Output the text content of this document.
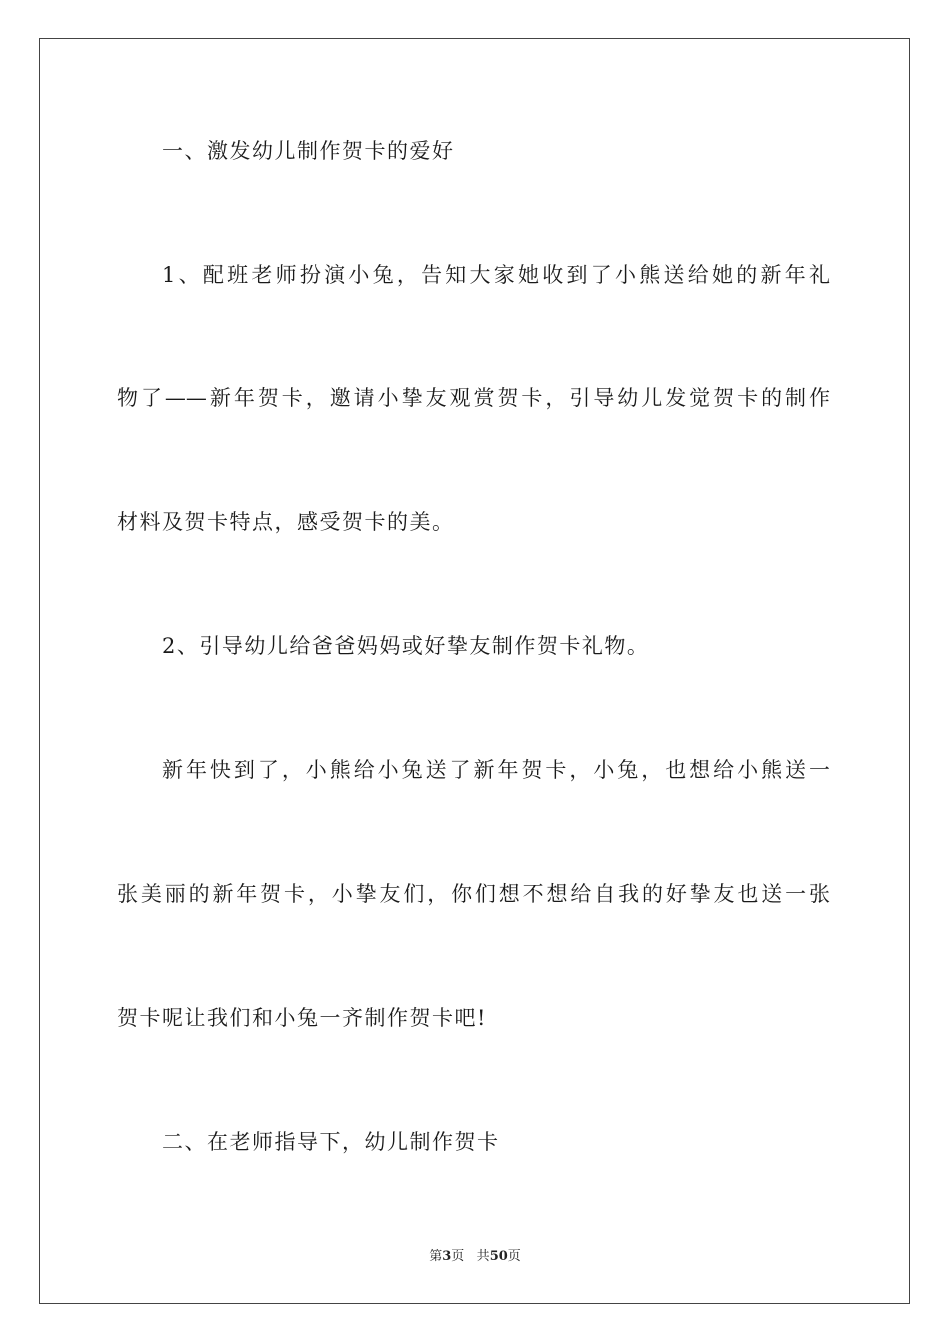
一、激发幼儿制作贺卡的爱好
1、配班老师扮演小兔，告知大家她收到了小熊送给她的新年礼
物了——新年贺卡，邀请小挚友观赏贺卡，引导幼儿发觉贺卡的制作
材料及贺卡特点，感受贺卡的美。
2、引导幼儿给爸爸妈妈或好挚友制作贺卡礼物。
新年快到了，小熊给小兔送了新年贺卡，小兔，也想给小熊送一
张美丽的新年贺卡，小挚友们，你们想不想给自我的好挚友也送一张
贺卡呢让我们和小兔一齐制作贺卡吧!
二、在老师指导下，幼儿制作贺卡
第3页 共50页
